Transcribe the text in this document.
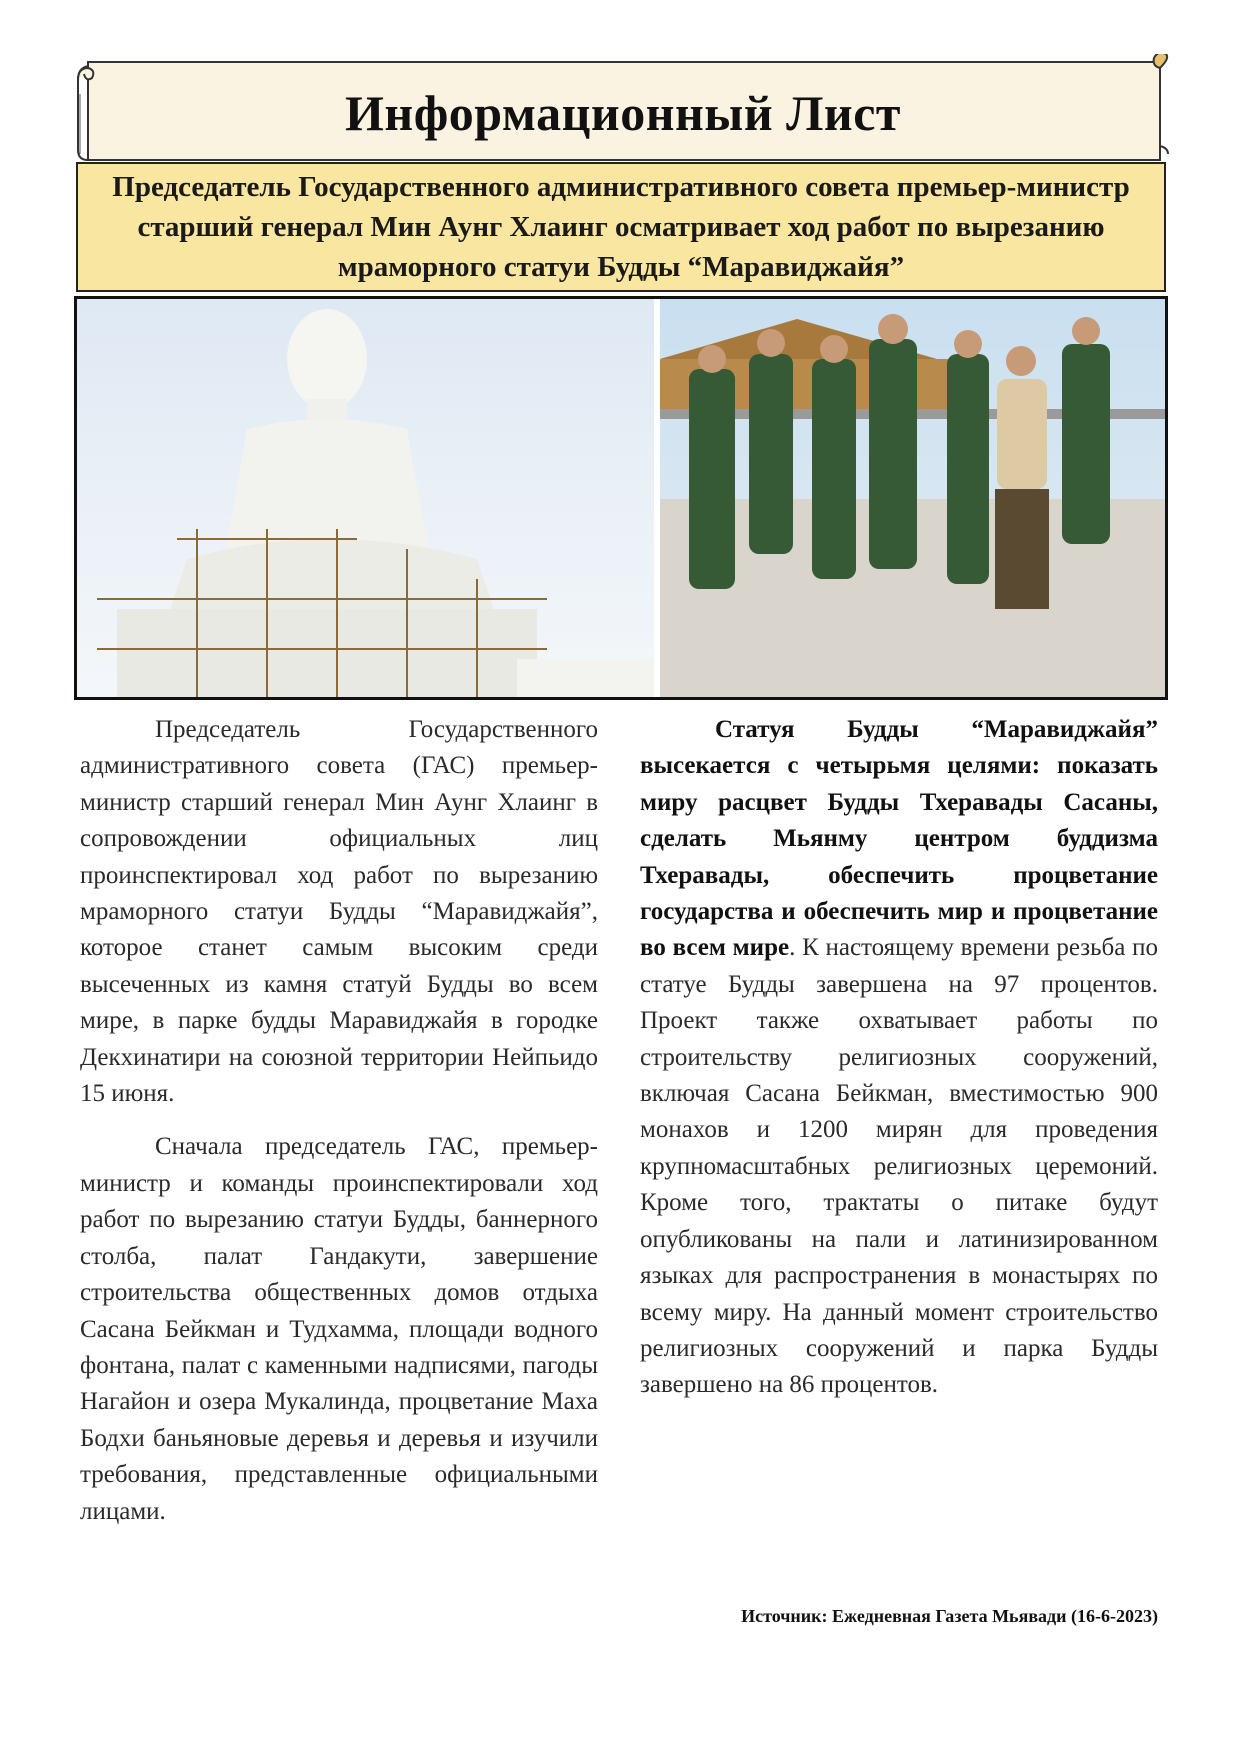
Информационный Лист
Председатель Государственного административного совета премьер-министр старший генерал Мин Аунг Хлаинг осматривает ход работ по вырезанию мраморного статуи Будды “Маравиджайя”

Председатель Государственного административного совета (ГАС) премьер-министр старший генерал Мин Аунг Хлаинг в сопровождении официальных лиц проинспектировал ход работ по вырезанию мраморного статуи Будды “Маравиджайя”, которое станет самым высоким среди высеченных из камня статуй Будды во всем мире, в парке будды Маравиджайя в городке Декхинатири на союзной территории Нейпьидо 15 июня.

Сначала председатель ГАС, премьер-министр и команды проинспектировали ход работ по вырезанию статуи Будды, баннерного столба, палат Гандакути, завершение строительства общественных домов отдыха Сасана Бейкман и Тудхамма, площади водного фонтана, палат с каменными надписями, пагоды Нагайон и озера Мукалинда, процветание Маха Бодхи баньяновые деревья и деревья и изучили требования, представленные официальными лицами.

Статуя Будды “Маравиджайя” высекается с четырьмя целями: показать миру расцвет Будды Тхеравады Сасаны, сделать Мьянму центром буддизма Тхеравады, обеспечить процветание государства и обеспечить мир и процветание во всем мире. К настоящему времени резьба по статуе Будды завершена на 97 процентов. Проект также охватывает работы по строительству религиозных сооружений, включая Сасана Бейкман, вместимостью 900 монахов и 1200 мирян для проведения крупномасштабных религиозных церемоний. Кроме того, трактаты о питаке будут опубликованы на пали и латинизированном языках для распространения в монастырях по всему миру. На данный момент строительство религиозных сооружений и парка Будды завершено на 86 процентов.

Источник: Ежедневная Газета Мьявади (16-6-2023)
